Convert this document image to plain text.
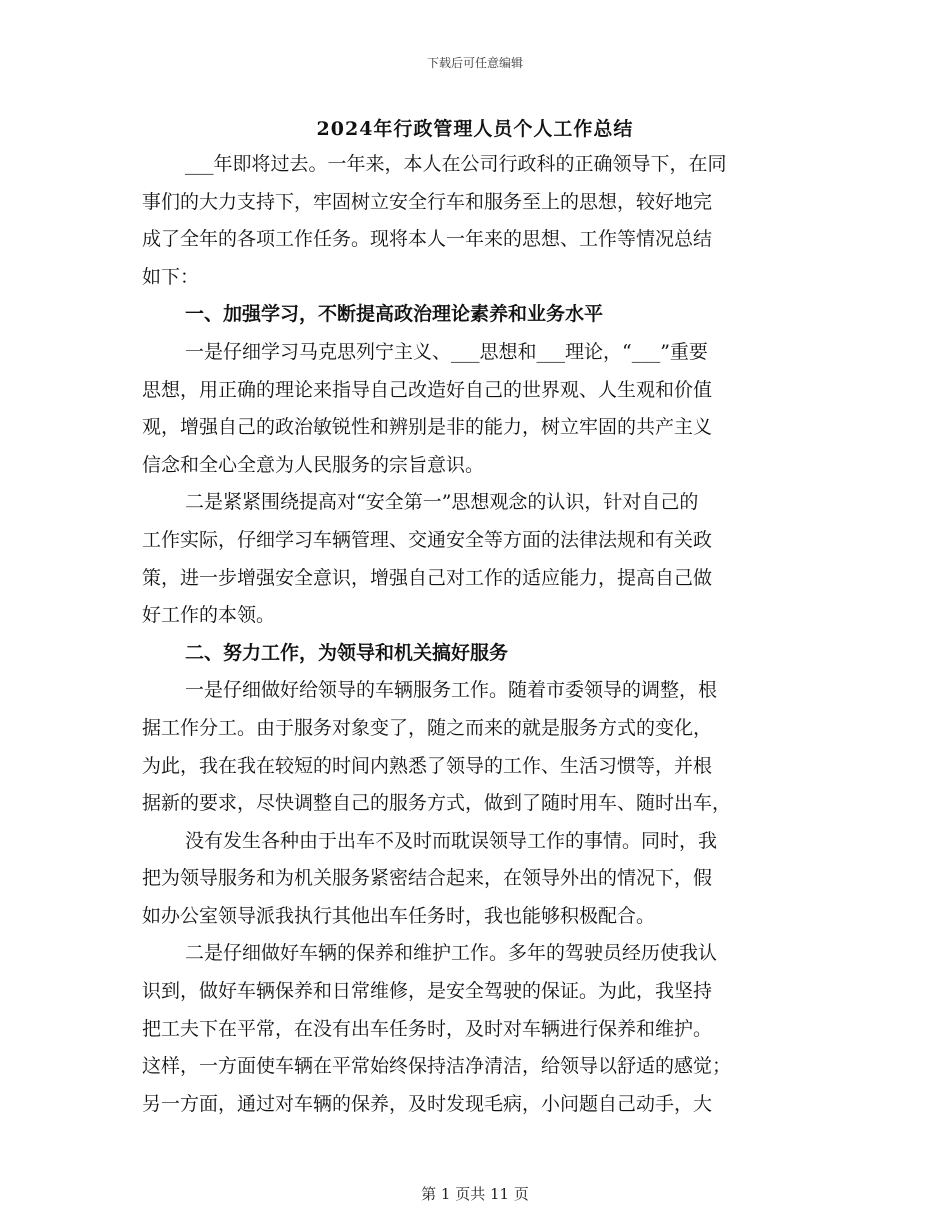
下载后可任意编辑
2024年行政管理人员个人工作总结
___年即将过去。一年来，本人在公司行政科的正确领导下，在同
事们的大力支持下，牢固树立安全行车和服务至上的思想，较好地完
成了全年的各项工作任务。现将本人一年来的思想、工作等情况总结
如下：
一、加强学习，不断提高政治理论素养和业务水平
一是仔细学习马克思列宁主义、___思想和___理论，“___”重要
思想，用正确的理论来指导自己改造好自己的世界观、人生观和价值
观，增强自己的政治敏锐性和辨别是非的能力，树立牢固的共产主义
信念和全心全意为人民服务的宗旨意识。
二是紧紧围绕提高对“安全第一”思想观念的认识，针对自己的
工作实际，仔细学习车辆管理、交通安全等方面的法律法规和有关政
策，进一步增强安全意识，增强自己对工作的适应能力，提高自己做
好工作的本领。
二、努力工作，为领导和机关搞好服务
一是仔细做好给领导的车辆服务工作。随着市委领导的调整，根
据工作分工。由于服务对象变了，随之而来的就是服务方式的变化，
为此，我在我在较短的时间内熟悉了领导的工作、生活习惯等，并根
据新的要求，尽快调整自己的服务方式，做到了随时用车、随时出车，
没有发生各种由于出车不及时而耽误领导工作的事情。同时，我
把为领导服务和为机关服务紧密结合起来，在领导外出的情况下，假
如办公室领导派我执行其他出车任务时，我也能够积极配合。
二是仔细做好车辆的保养和维护工作。多年的驾驶员经历使我认
识到，做好车辆保养和日常维修，是安全驾驶的保证。为此，我坚持
把工夫下在平常，在没有出车任务时，及时对车辆进行保养和维护。
这样，一方面使车辆在平常始终保持洁净清洁，给领导以舒适的感觉；
另一方面，通过对车辆的保养，及时发现毛病，小问题自己动手，大
第 1 页共 11 页
